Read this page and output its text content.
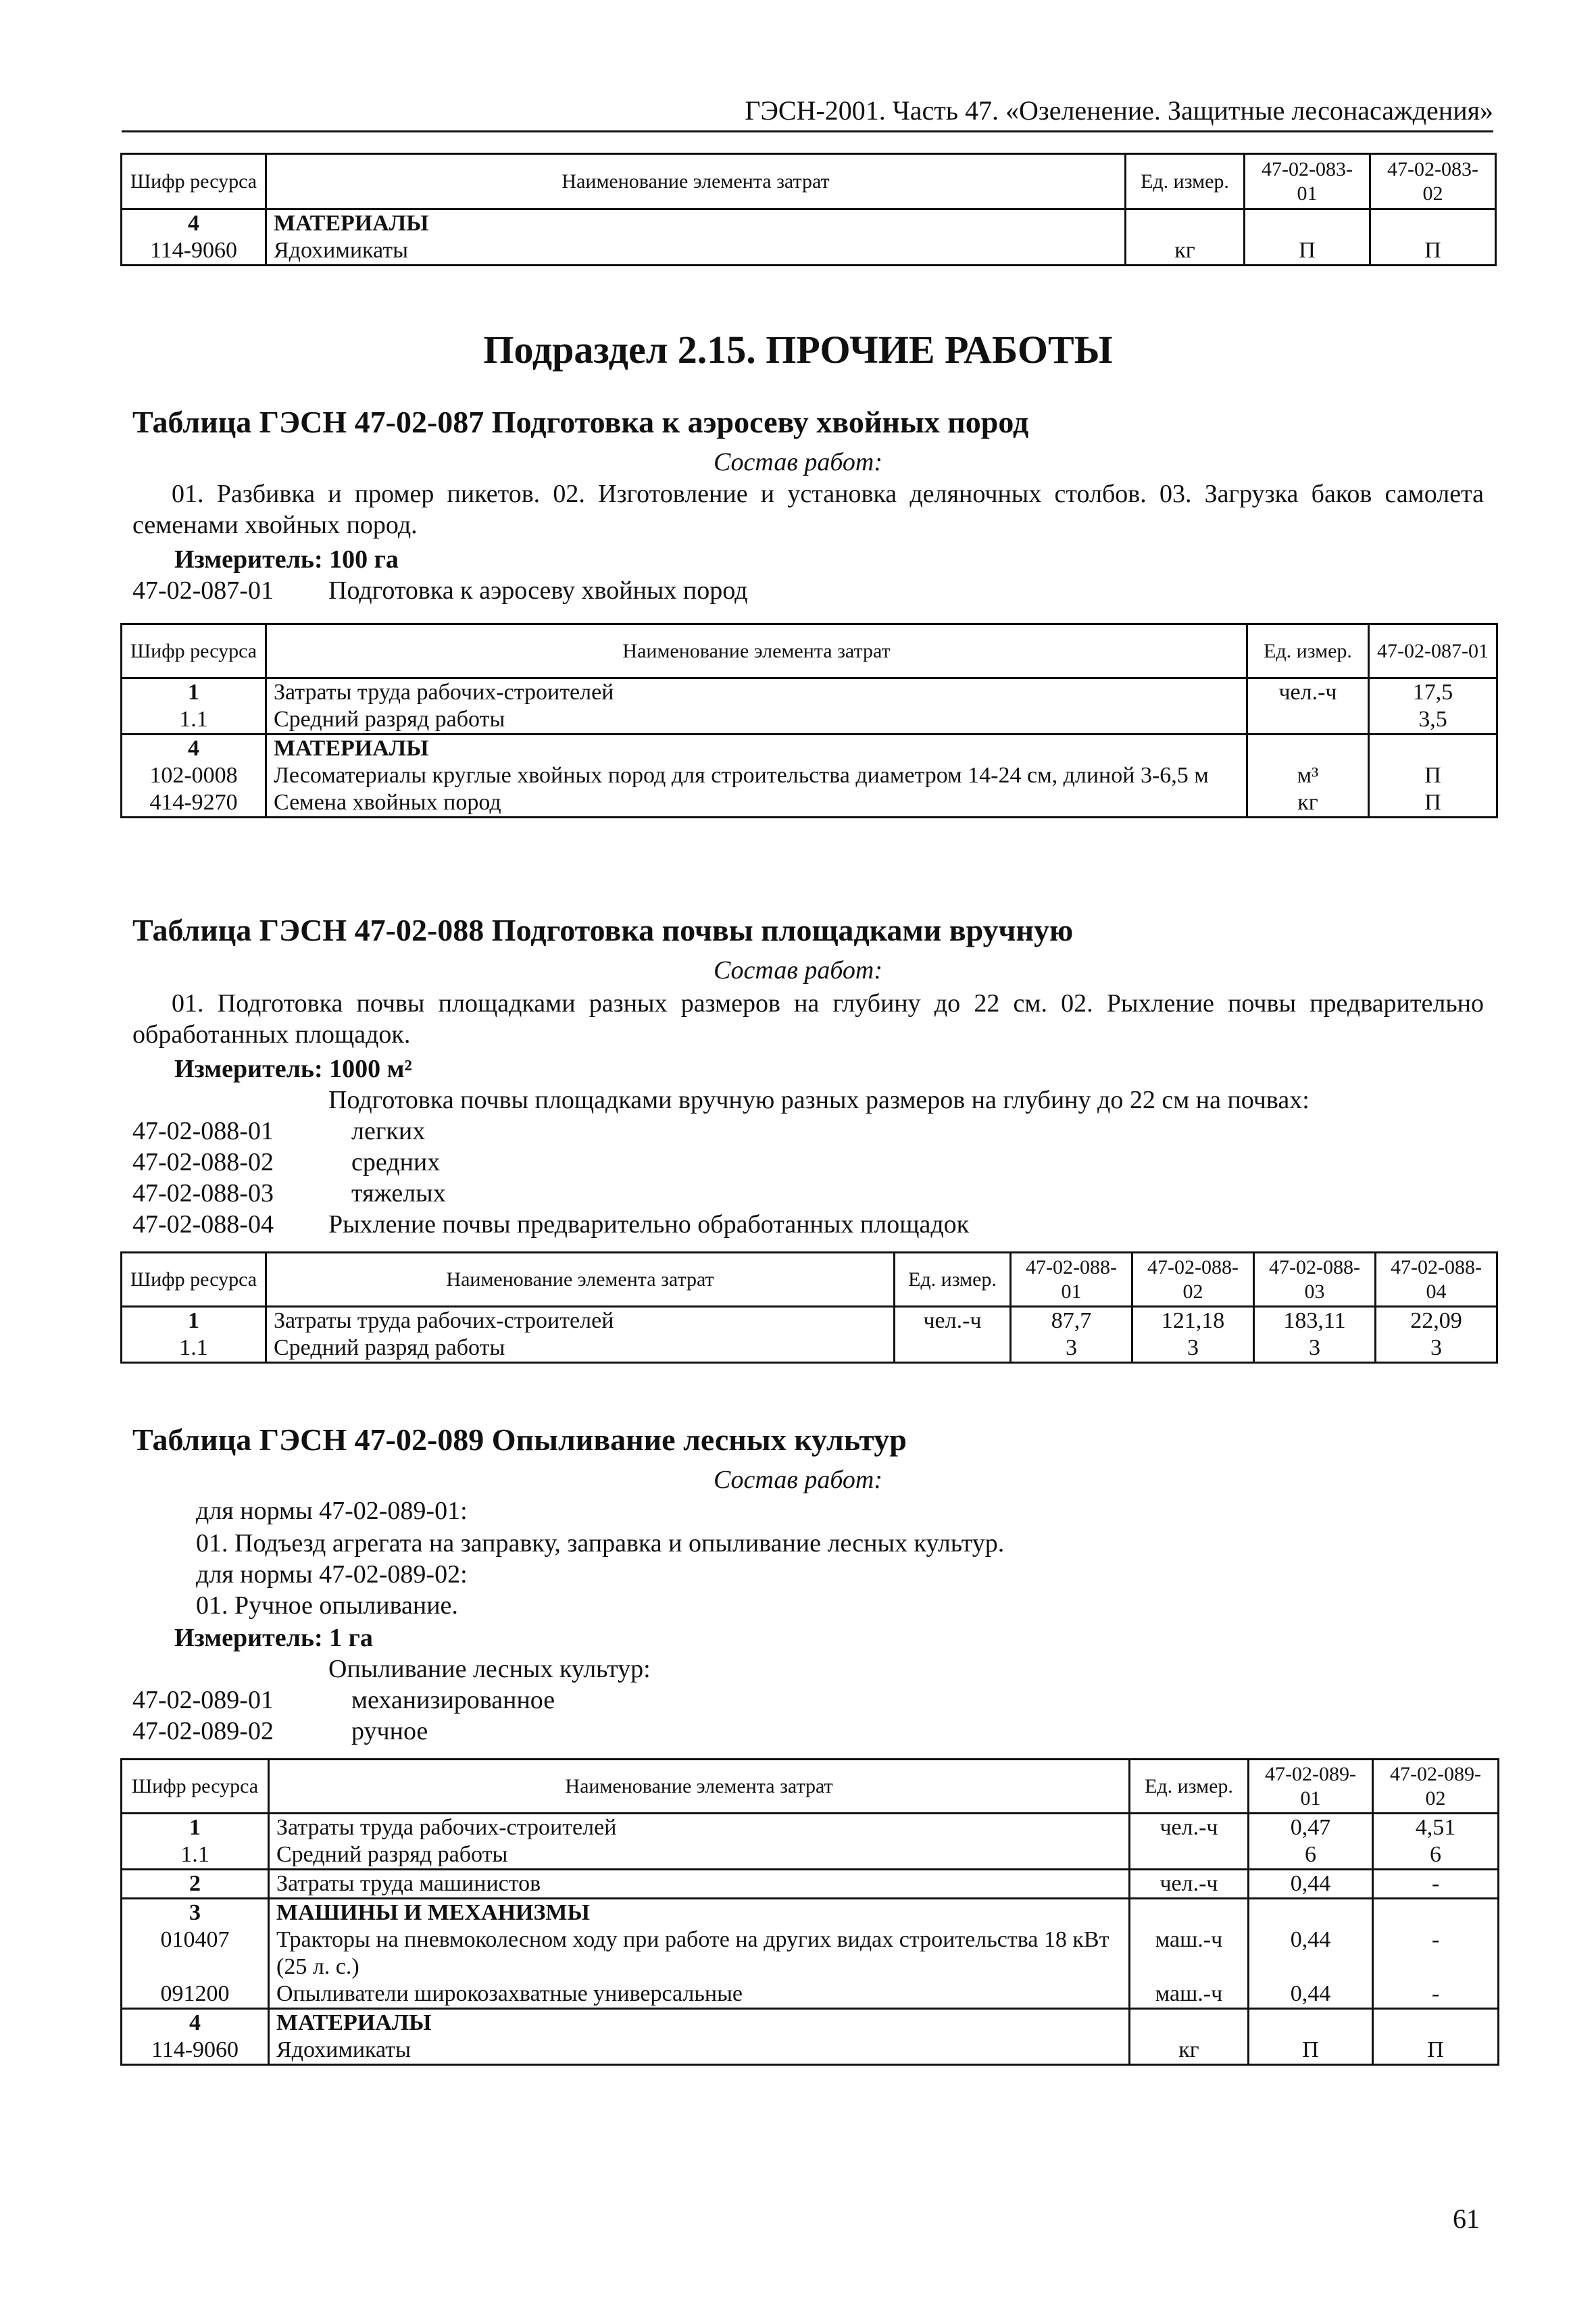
ГЭСН-2001. Часть 47. «Озеленение. Защитные лесонасаждения»
Шифр ресурса	Наименование элемента затрат	Ед. измер.	47-02-083-01	47-02-083-02
4	МАТЕРИАЛЫ			
114-9060	Ядохимикаты	кг	П	П
Подраздел 2.15. ПРОЧИЕ РАБОТЫ
Таблица ГЭСН 47-02-087 Подготовка к аэросеву хвойных пород
Состав работ:
01. Разбивка и промер пикетов. 02. Изготовление и установка деляночных столбов. 03. Загрузка баков самолета семенами хвойных пород.
Измеритель: 100 га
47-02-087-01 Подготовка к аэросеву хвойных пород
Шифр ресурса	Наименование элемента затрат	Ед. измер.	47-02-087-01
1	Затраты труда рабочих-строителей	чел.-ч	17,5
1.1	Средний разряд работы		3,5
4	МАТЕРИАЛЫ		
102-0008	Лесоматериалы круглые хвойных пород для строительства диаметром 14-24 см, длиной 3-6,5 м	м³	П
414-9270	Семена хвойных пород	кг	П
Таблица ГЭСН 47-02-088 Подготовка почвы площадками вручную
Состав работ:
01. Подготовка почвы площадками разных размеров на глубину до 22 см. 02. Рыхление почвы предварительно обработанных площадок.
Измеритель: 1000 м²
Подготовка почвы площадками вручную разных размеров на глубину до 22 см на почвах:
47-02-088-01	легких
47-02-088-02	средних
47-02-088-03	тяжелых
47-02-088-04 Рыхление почвы предварительно обработанных площадок
Шифр ресурса	Наименование элемента затрат	Ед. измер.	47-02-088-01	47-02-088-02	47-02-088-03	47-02-088-04
1	Затраты труда рабочих-строителей	чел.-ч	87,7	121,18	183,11	22,09
1.1	Средний разряд работы		3	3	3	3
Таблица ГЭСН 47-02-089 Опыливание лесных культур
Состав работ:
для нормы 47-02-089-01:
01. Подъезд агрегата на заправку, заправка и опыливание лесных культур.
для нормы 47-02-089-02:
01. Ручное опыливание.
Измеритель: 1 га
Опыливание лесных культур:
47-02-089-01	механизированное
47-02-089-02	ручное
Шифр ресурса	Наименование элемента затрат	Ед. измер.	47-02-089-01	47-02-089-02
1	Затраты труда рабочих-строителей	чел.-ч	0,47	4,51
1.1	Средний разряд работы		6	6
2	Затраты труда машинистов	чел.-ч	0,44	-
3	МАШИНЫ И МЕХАНИЗМЫ			
010407	Тракторы на пневмоколесном ходу при работе на других видах строительства 18 кВт (25 л. с.)	маш.-ч	0,44	-
091200	Опыливатели широкозахватные универсальные	маш.-ч	0,44	-
4	МАТЕРИАЛЫ			
114-9060	Ядохимикаты	кг	П	П
61
